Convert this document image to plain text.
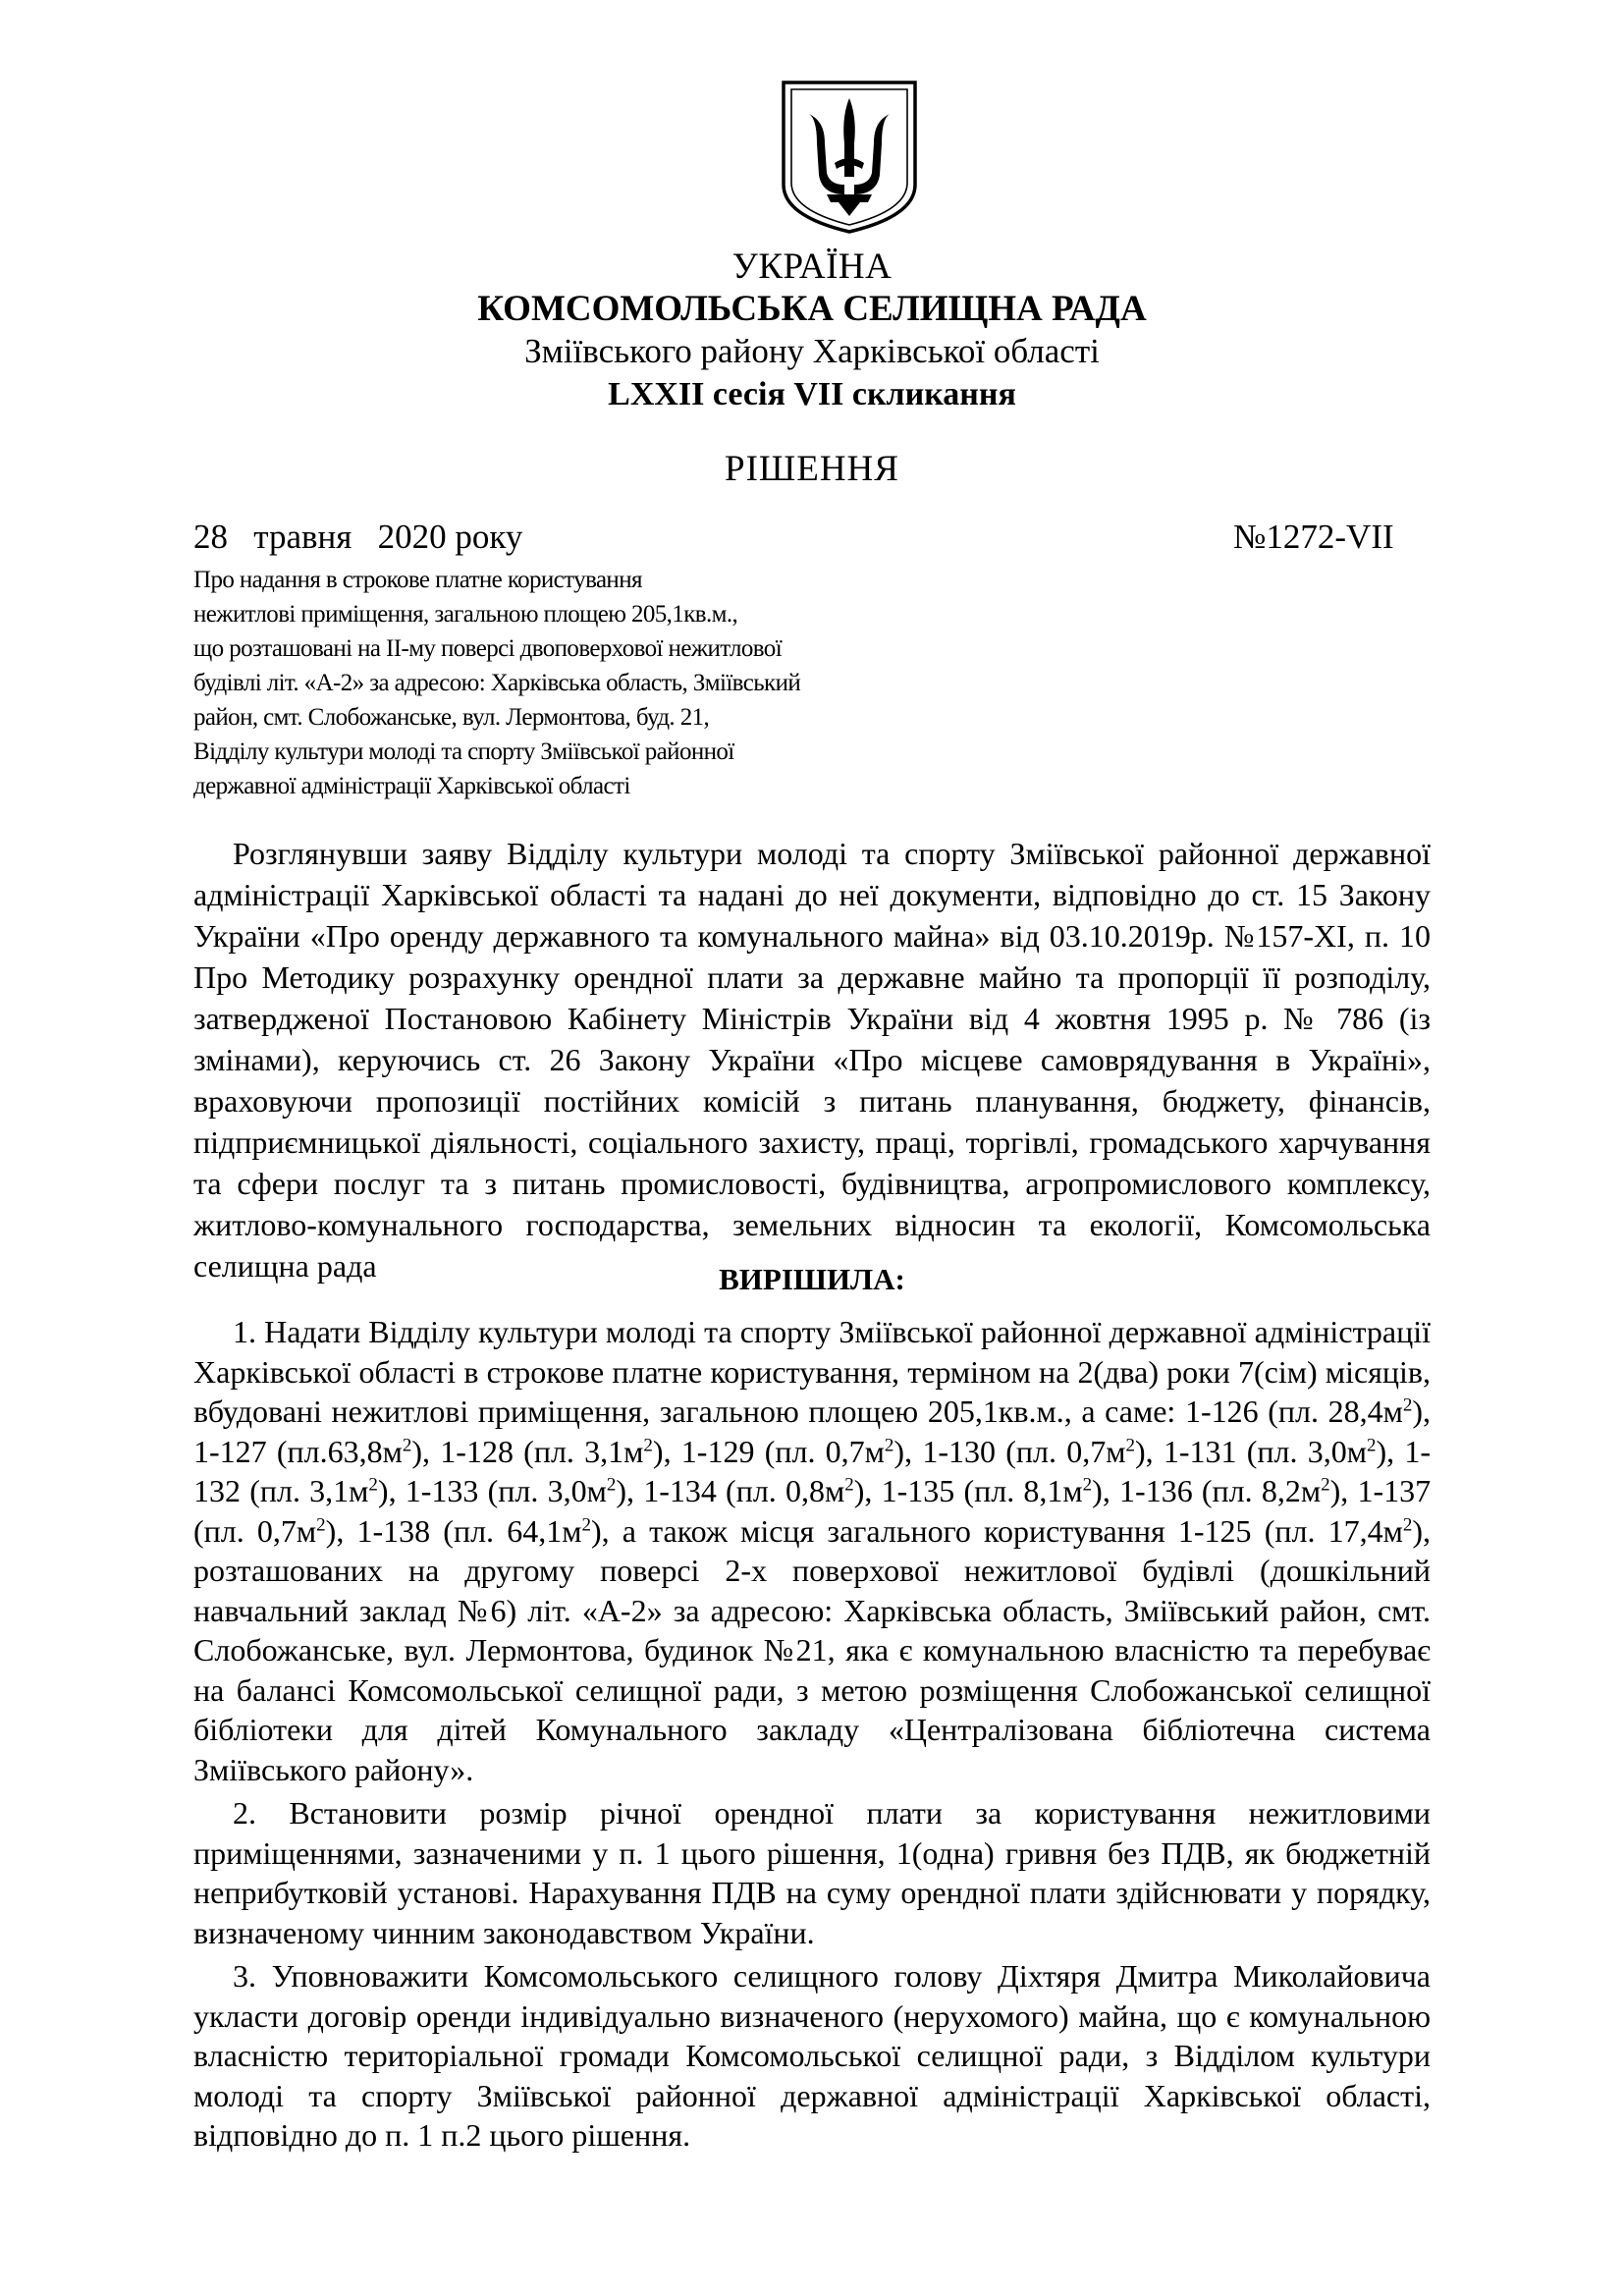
УКРАЇНА
КОМСОМОЛЬСЬКА СЕЛИЩНА РАДА
Зміївського району Харківської області
LXXII сесія VII скликання
РІШЕННЯ
28   травня   2020 року	№1272-VII
Про надання в строкове платне користування
нежитлові приміщення, загальною площею 205,1кв.м.,
що розташовані на ІІ-му поверсі двоповерхової нежитлової
будівлі літ. «А-2» за адресою: Харківська область, Зміївський
район, смт. Слобожанське, вул. Лермонтова, буд. 21,
Відділу культури молоді та спорту Зміївської районної
державної адміністрації Харківської області
Розглянувши заяву Відділу культури молоді та спорту Зміївської районної державної адміністрації Харківської області та надані до неї документи, відповідно до ст. 15 Закону України «Про оренду державного та комунального майна» від 03.10.2019р. №157-ХІ, п. 10 Про Методику розрахунку орендної плати за державне майно та пропорції її розподілу, затвердженої Постановою Кабінету Міністрів України від 4 жовтня 1995 р. № 786 (із змінами), керуючись ст. 26 Закону України «Про місцеве самоврядування в Україні», враховуючи пропозиції постійних комісій з питань планування, бюджету, фінансів, підприємницької діяльності, соціального захисту, праці, торгівлі, громадського харчування та сфери послуг та з питань промисловості, будівництва, агропромислового комплексу, житлово-комунального господарства, земельних відносин та екології, Комсомольська селищна рада	ВИРІШИЛА:

1. Надати Відділу культури молоді та спорту Зміївської районної державної адміністрації Харківської області в строкове платне користування, терміном на 2(два) роки 7(сім) місяців, вбудовані нежитлові приміщення, загальною площею 205,1кв.м., а саме: 1-126 (пл. $28,4м^2$), 1-127 $(пл.63,8м^2)$, 1-128 (пл. $3,1м^2$), 1-129 (пл. $0,7м^2$), 1-130 (пл. $0,7м^2$), 1-131 (пл. $3,0м^2$), 1-132 (пл. $3,1м^2$), 1-133 (пл. $3,0м^2$), 1-134 (пл. $0,8м^2$), 1-135 (пл. $8,1м^2$), 1-136 (пл. $8,2м^2$), 1-137 (пл. $0,7м^2$), 1-138 (пл. $64,1м^2$), а також місця загального користування 1-125 (пл. $17,4м^2$), розташованих на другому поверсі 2-х поверхової нежитлової будівлі (дошкільний навчальний заклад №6) літ. «А-2» за адресою: Харківська область, Зміївський район, смт. Слобожанське, вул. Лермонтова, будинок №21, яка є комунальною власністю та перебуває на балансі Комсомольської селищної ради, з метою розміщення Слобожанської селищної бібліотеки для дітей Комунального закладу «Централізована бібліотечна система Зміївського району».

2. Встановити розмір річної орендної плати за користування нежитловими приміщеннями, зазначеними у п. 1 цього рішення, 1(одна) гривня без ПДВ, як бюджетній неприбутковій установі. Нарахування ПДВ на суму орендної плати здійснювати у порядку, визначеному чинним законодавством України.

3. Уповноважити Комсомольського селищного голову Діхтяря Дмитра Миколайовича укласти договір оренди індивідуально визначеного (нерухомого) майна, що є комунальною власністю територіальної громади Комсомольської селищної ради, з Відділом культури молоді та спорту Зміївської районної державної адміністрації Харківської області, відповідно до п. 1 п.2 цього рішення.
